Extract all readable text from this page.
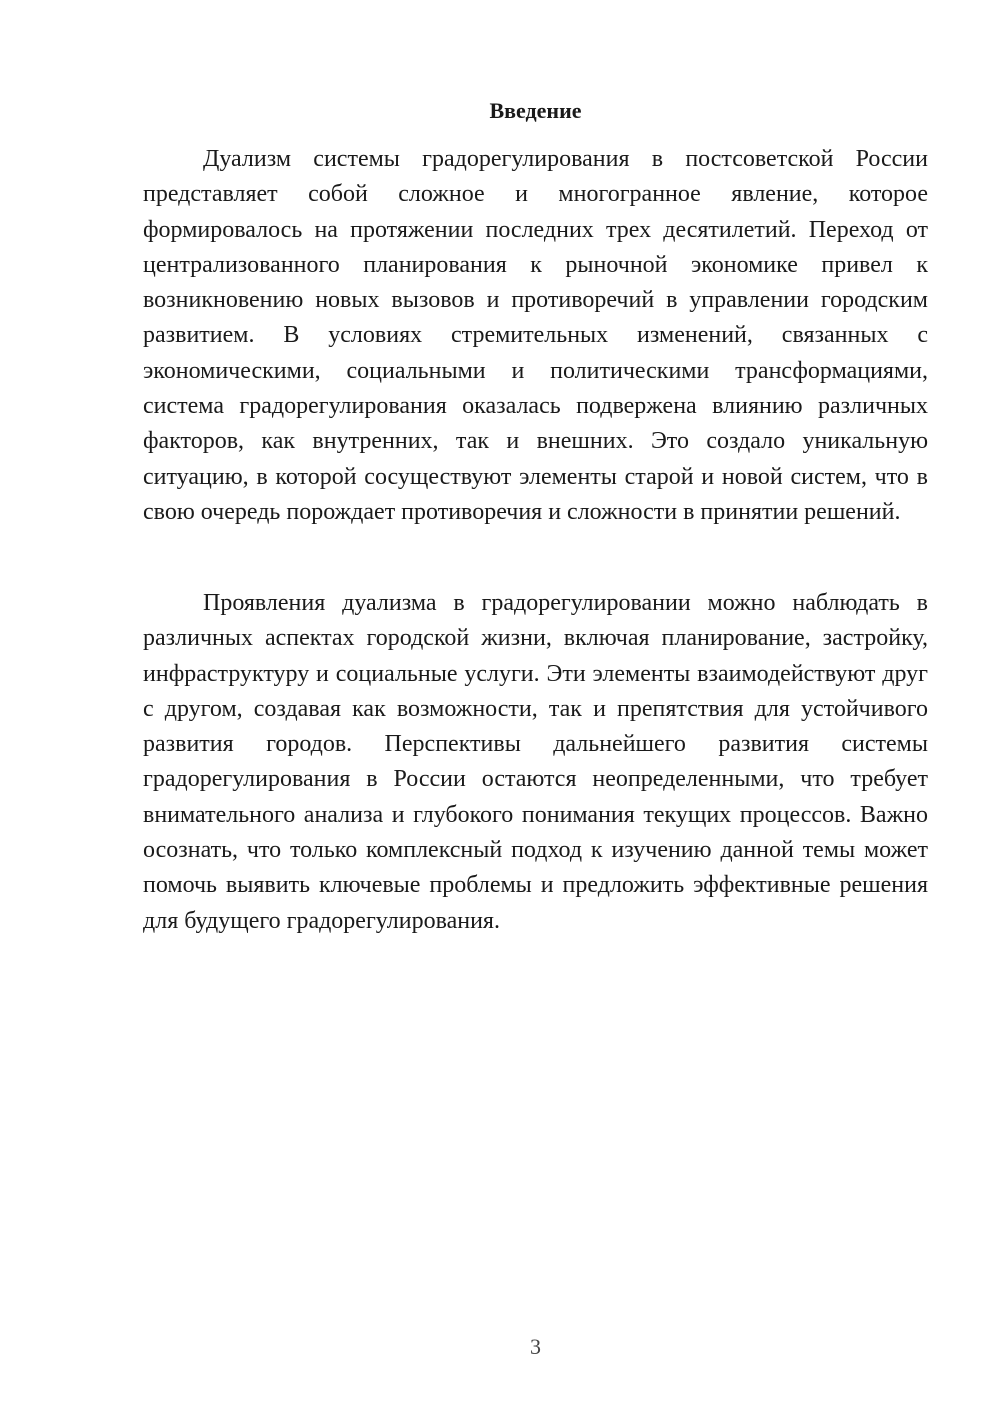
Введение

Дуализм системы градорегулирования в постсоветской России представляет собой сложное и многогранное явление, которое формировалось на протяжении последних трех десятилетий. Переход от централизованного планирования к рыночной экономике привел к возникновению новых вызовов и противоречий в управлении городским развитием. В условиях стремительных изменений, связанных с экономическими, социальными и политическими трансформациями, система градорегулирования оказалась подвержена влиянию различных факторов, как внутренних, так и внешних. Это создало уникальную ситуацию, в которой сосуществуют элементы старой и новой систем, что в свою очередь порождает противоречия и сложности в принятии решений.

Проявления дуализма в градорегулировании можно наблюдать в различных аспектах городской жизни, включая планирование, застройку, инфраструктуру и социальные услуги. Эти элементы взаимодействуют друг с другом, создавая как возможности, так и препятствия для устойчивого развития городов. Перспективы дальнейшего развития системы градорегулирования в России остаются неопределенными, что требует внимательного анализа и глубокого понимания текущих процессов. Важно осознать, что только комплексный подход к изучению данной темы может помочь выявить ключевые проблемы и предложить эффективные решения для будущего градорегулирования.

3
